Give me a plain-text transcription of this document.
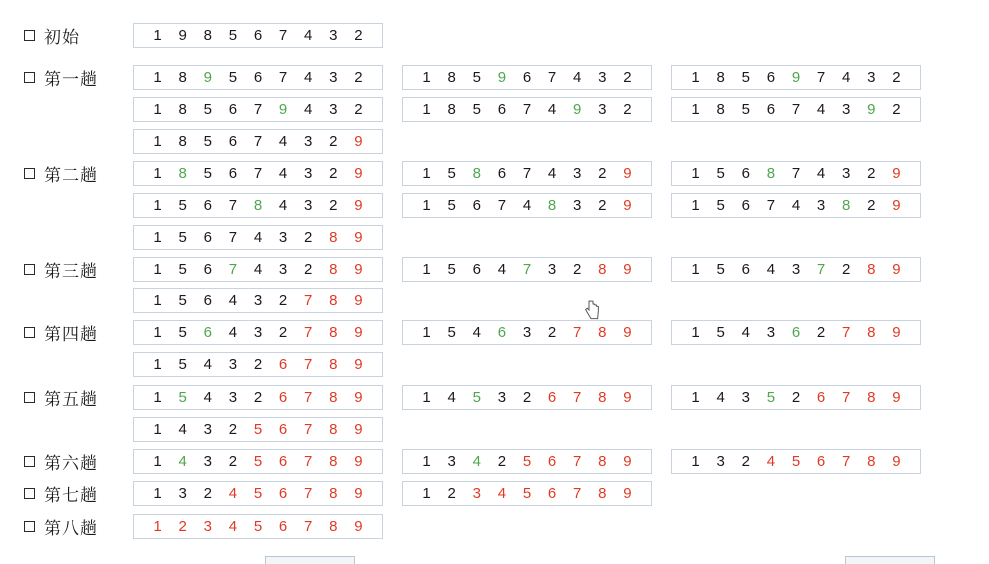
初始	1	9	8	5	6	7	4	3	2
第一趟	1	8	9	5	6	7	4	3	2	1	8	5	9	6	7	4	3	2	1	8	5	6	9	7	4	3	2
1	8	5	6	7	9	4	3	2	1	8	5	6	7	4	9	3	2	1	8	5	6	7	4	3	9	2
1	8	5	6	7	4	3	2	9
第二趟	1	8	5	6	7	4	3	2	9	1	5	8	6	7	4	3	2	9	1	5	6	8	7	4	3	2	9
1	5	6	7	8	4	3	2	9	1	5	6	7	4	8	3	2	9	1	5	6	7	4	3	8	2	9
1	5	6	7	4	3	2	8	9
第三趟	1	5	6	7	4	3	2	8	9	1	5	6	4	7	3	2	8	9	1	5	6	4	3	7	2	8	9
1	5	6	4	3	2	7	8	9
第四趟	1	5	6	4	3	2	7	8	9	1	5	4	6	3	2	7	8	9	1	5	4	3	6	2	7	8	9
1	5	4	3	2	6	7	8	9
第五趟	1	5	4	3	2	6	7	8	9	1	4	5	3	2	6	7	8	9	1	4	3	5	2	6	7	8	9
1	4	3	2	5	6	7	8	9
第六趟	1	4	3	2	5	6	7	8	9	1	3	4	2	5	6	7	8	9	1	3	2	4	5	6	7	8	9
第七趟	1	3	2	4	5	6	7	8	9	1	2	3	4	5	6	7	8	9
第八趟	1	2	3	4	5	6	7	8	9
